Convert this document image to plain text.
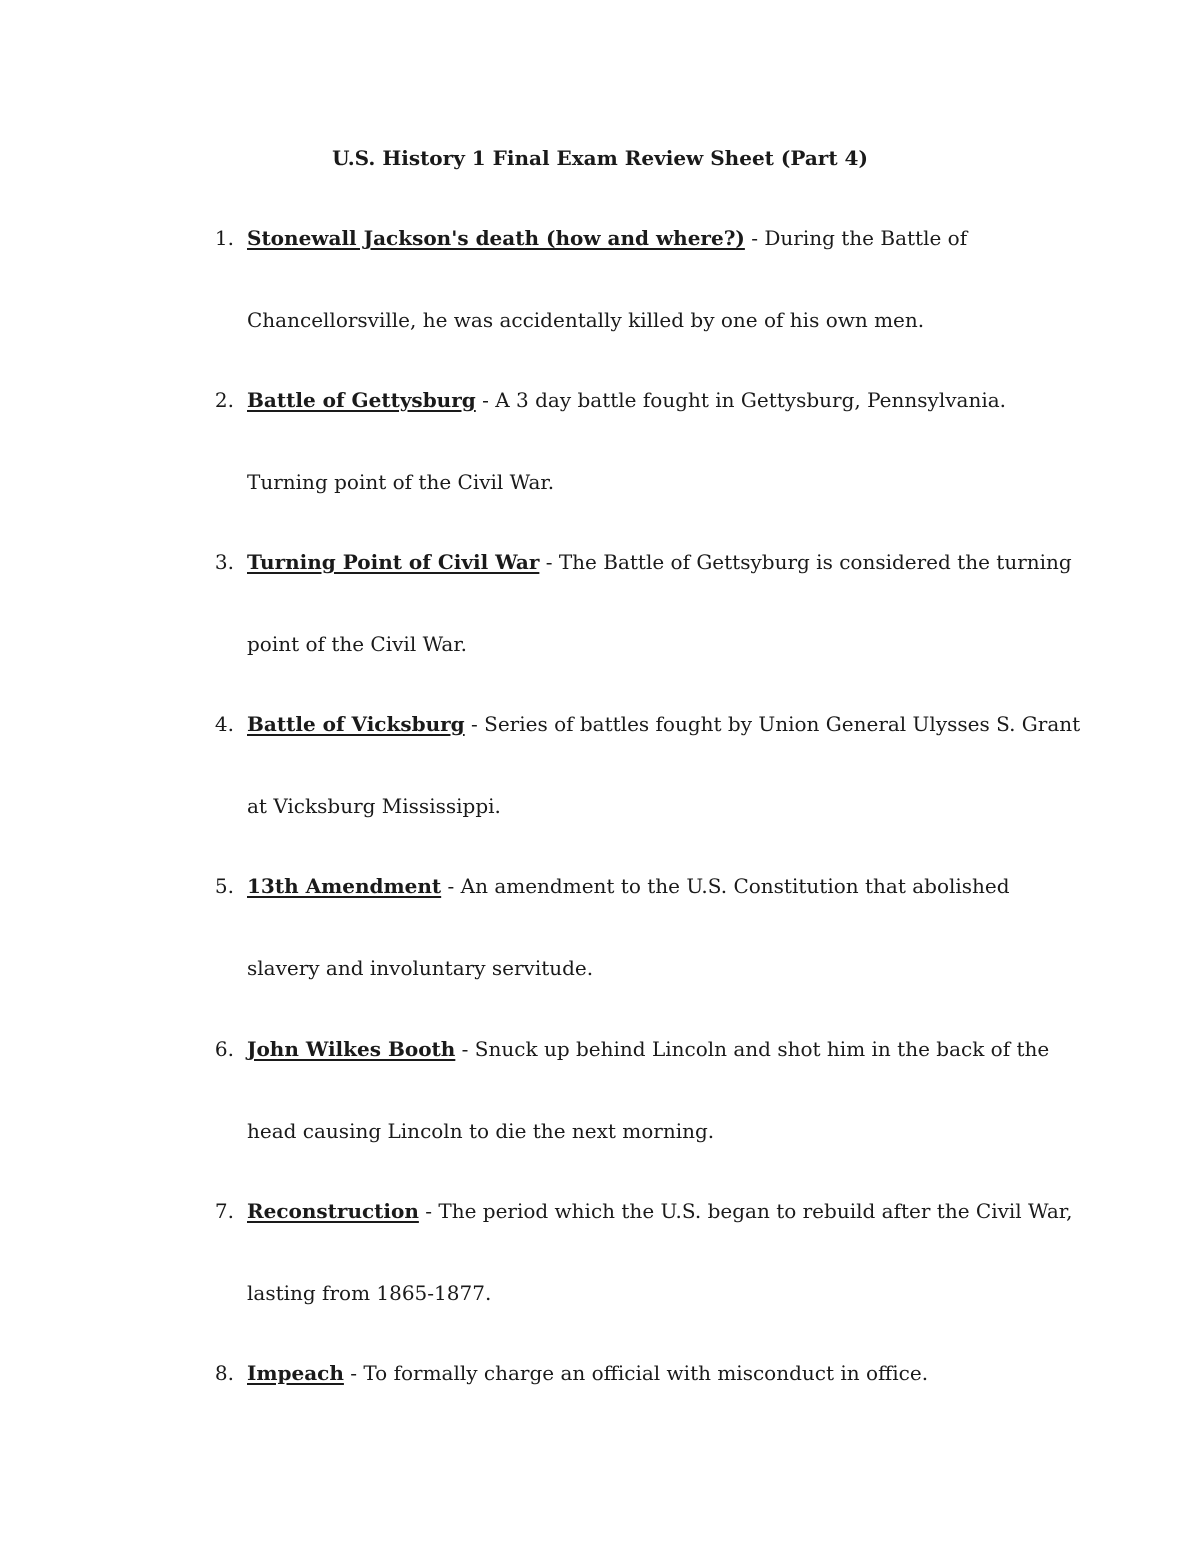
U.S. History 1 Final Exam Review Sheet (Part 4)
1. Stonewall Jackson's death (how and where?) - During the Battle of
Chancellorsville, he was accidentally killed by one of his own men.
2. Battle of Gettysburg - A 3 day battle fought in Gettysburg, Pennsylvania.
Turning point of the Civil War.
3. Turning Point of Civil War - The Battle of Gettsyburg is considered the turning
point of the Civil War.
4. Battle of Vicksburg - Series of battles fought by Union General Ulysses S. Grant
at Vicksburg Mississippi.
5. 13th Amendment - An amendment to the U.S. Constitution that abolished
slavery and involuntary servitude.
6. John Wilkes Booth - Snuck up behind Lincoln and shot him in the back of the
head causing Lincoln to die the next morning.
7. Reconstruction - The period which the U.S. began to rebuild after the Civil War,
lasting from 1865-1877.
8. Impeach - To formally charge an official with misconduct in office.
